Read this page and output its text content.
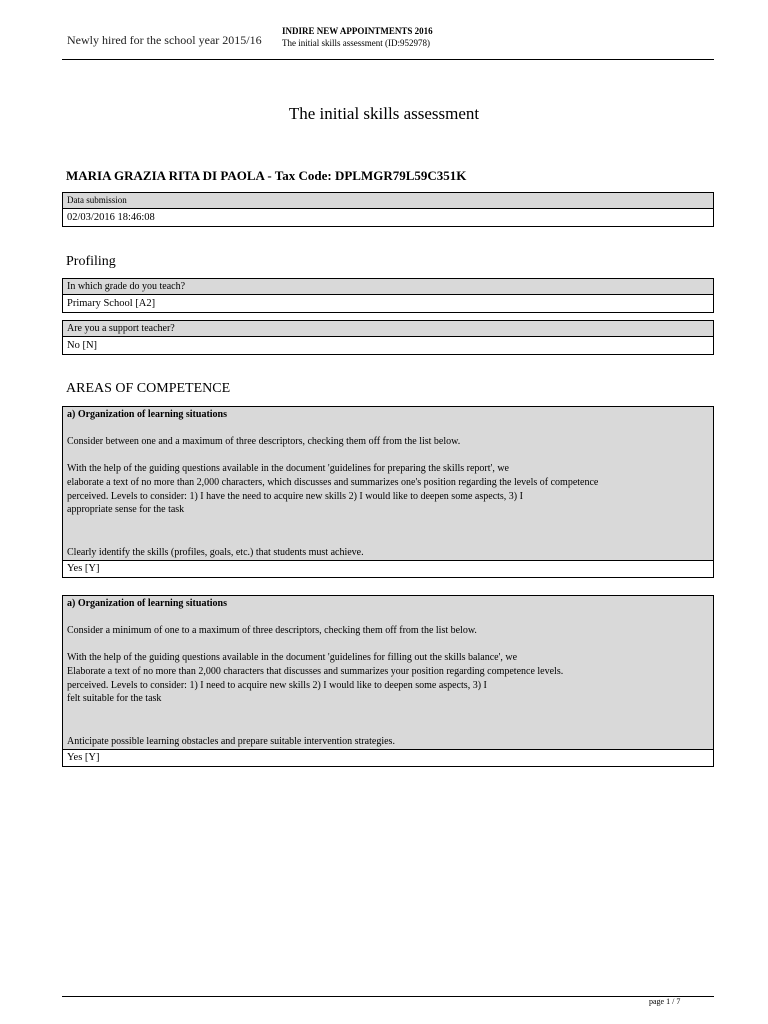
Newly hired for the school year 2015/16
INDIRE NEW APPOINTMENTS 2016
The initial skills assessment (ID:952978)
The initial skills assessment
MARIA GRAZIA RITA DI PAOLA - Tax Code: DPLMGR79L59C351K
Data submission
02/03/2016 18:46:08
Profiling
In which grade do you teach?
Primary School [A2]
Are you a support teacher?
No [N]
AREAS OF COMPETENCE
a) Organization of learning situations
Consider between one and a maximum of three descriptors, checking them off from the list below.
With the help of the guiding questions available in the document 'guidelines for preparing the skills report', we
elaborate a text of no more than 2,000 characters, which discusses and summarizes one's position regarding the levels of competence
perceived. Levels to consider: 1) I have the need to acquire new skills 2) I would like to deepen some aspects, 3) I
appropriate sense for the task
Clearly identify the skills (profiles, goals, etc.) that students must achieve.
Yes [Y]
a) Organization of learning situations
Consider a minimum of one to a maximum of three descriptors, checking them off from the list below.
With the help of the guiding questions available in the document 'guidelines for filling out the skills balance', we
Elaborate a text of no more than 2,000 characters that discusses and summarizes your position regarding competence levels.
perceived. Levels to consider: 1) I need to acquire new skills 2) I would like to deepen some aspects, 3) I
felt suitable for the task
Anticipate possible learning obstacles and prepare suitable intervention strategies.
Yes [Y]
page 1 / 7
